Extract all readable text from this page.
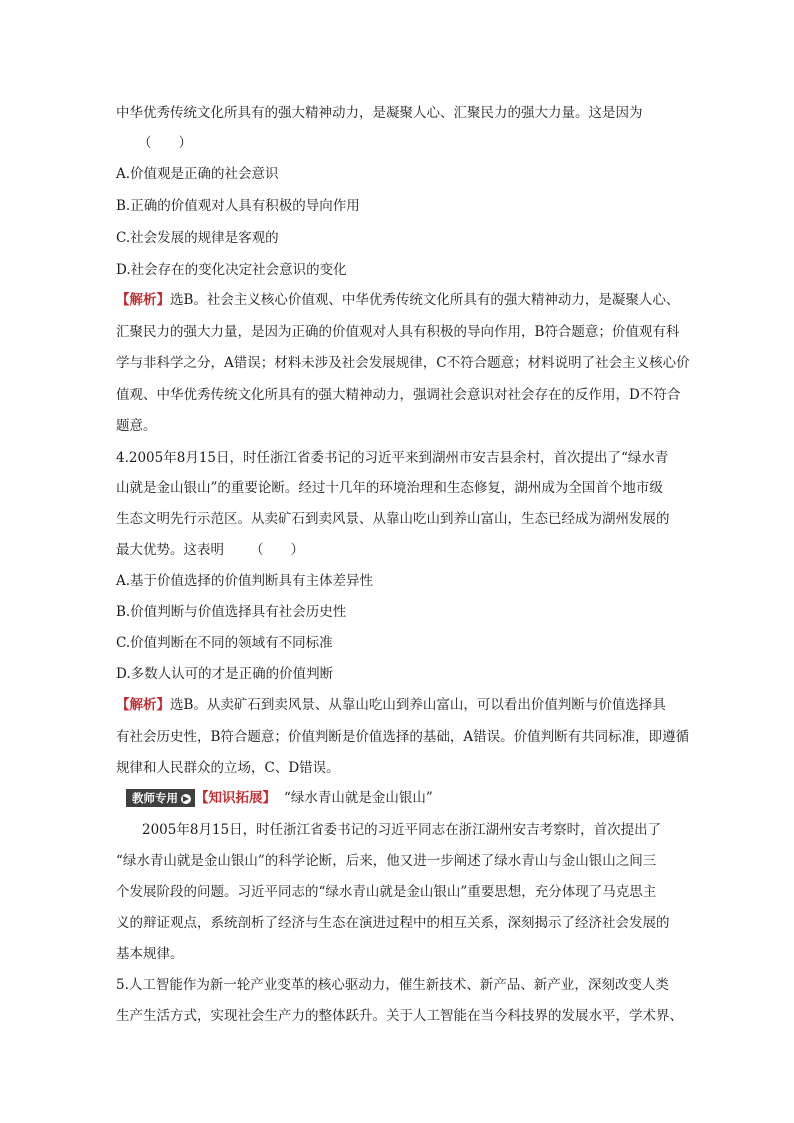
中华优秀传统文化所具有的强大精神动力，是凝聚人心、汇聚民力的强大力量。这是因为
（　　）
A.价值观是正确的社会意识
B.正确的价值观对人具有积极的导向作用
C.社会发展的规律是客观的
D.社会存在的变化决定社会意识的变化
【解析】选B。社会主义核心价值观、中华优秀传统文化所具有的强大精神动力，是凝聚人心、
汇聚民力的强大力量，是因为正确的价值观对人具有积极的导向作用，B符合题意；价值观有科
学与非科学之分，A错误；材料未涉及社会发展规律，C不符合题意；材料说明了社会主义核心价
值观、中华优秀传统文化所具有的强大精神动力，强调社会意识对社会存在的反作用，D不符合
题意。
4.2005年8月15日，时任浙江省委书记的习近平来到湖州市安吉县余村，首次提出了“绿水青
山就是金山银山”的重要论断。经过十几年的环境治理和生态修复，湖州成为全国首个地市级
生态文明先行示范区。从卖矿石到卖风景、从靠山吃山到养山富山，生态已经成为湖州发展的
最大优势。这表明 （　　）
A.基于价值选择的价值判断具有主体差异性
B.价值判断与价值选择具有社会历史性
C.价值判断在不同的领域有不同标准
D.多数人认可的才是正确的价值判断
【解析】选B。从卖矿石到卖风景、从靠山吃山到养山富山，可以看出价值判断与价值选择具
有社会历史性，B符合题意；价值判断是价值选择的基础，A错误。价值判断有共同标准，即遵循
规律和人民群众的立场，C、D错误。
教师专用 ▶ 【知识拓展】 “绿水青山就是金山银山”
2005年8月15日，时任浙江省委书记的习近平同志在浙江湖州安吉考察时，首次提出了
“绿水青山就是金山银山”的科学论断，后来，他又进一步阐述了绿水青山与金山银山之间三
个发展阶段的问题。习近平同志的“绿水青山就是金山银山”重要思想，充分体现了马克思主
义的辩证观点，系统剖析了经济与生态在演进过程中的相互关系，深刻揭示了经济社会发展的
基本规律。
5.人工智能作为新一轮产业变革的核心驱动力，催生新技术、新产品、新产业，深刻改变人类
生产生活方式，实现社会生产力的整体跃升。关于人工智能在当今科技界的发展水平，学术界、
